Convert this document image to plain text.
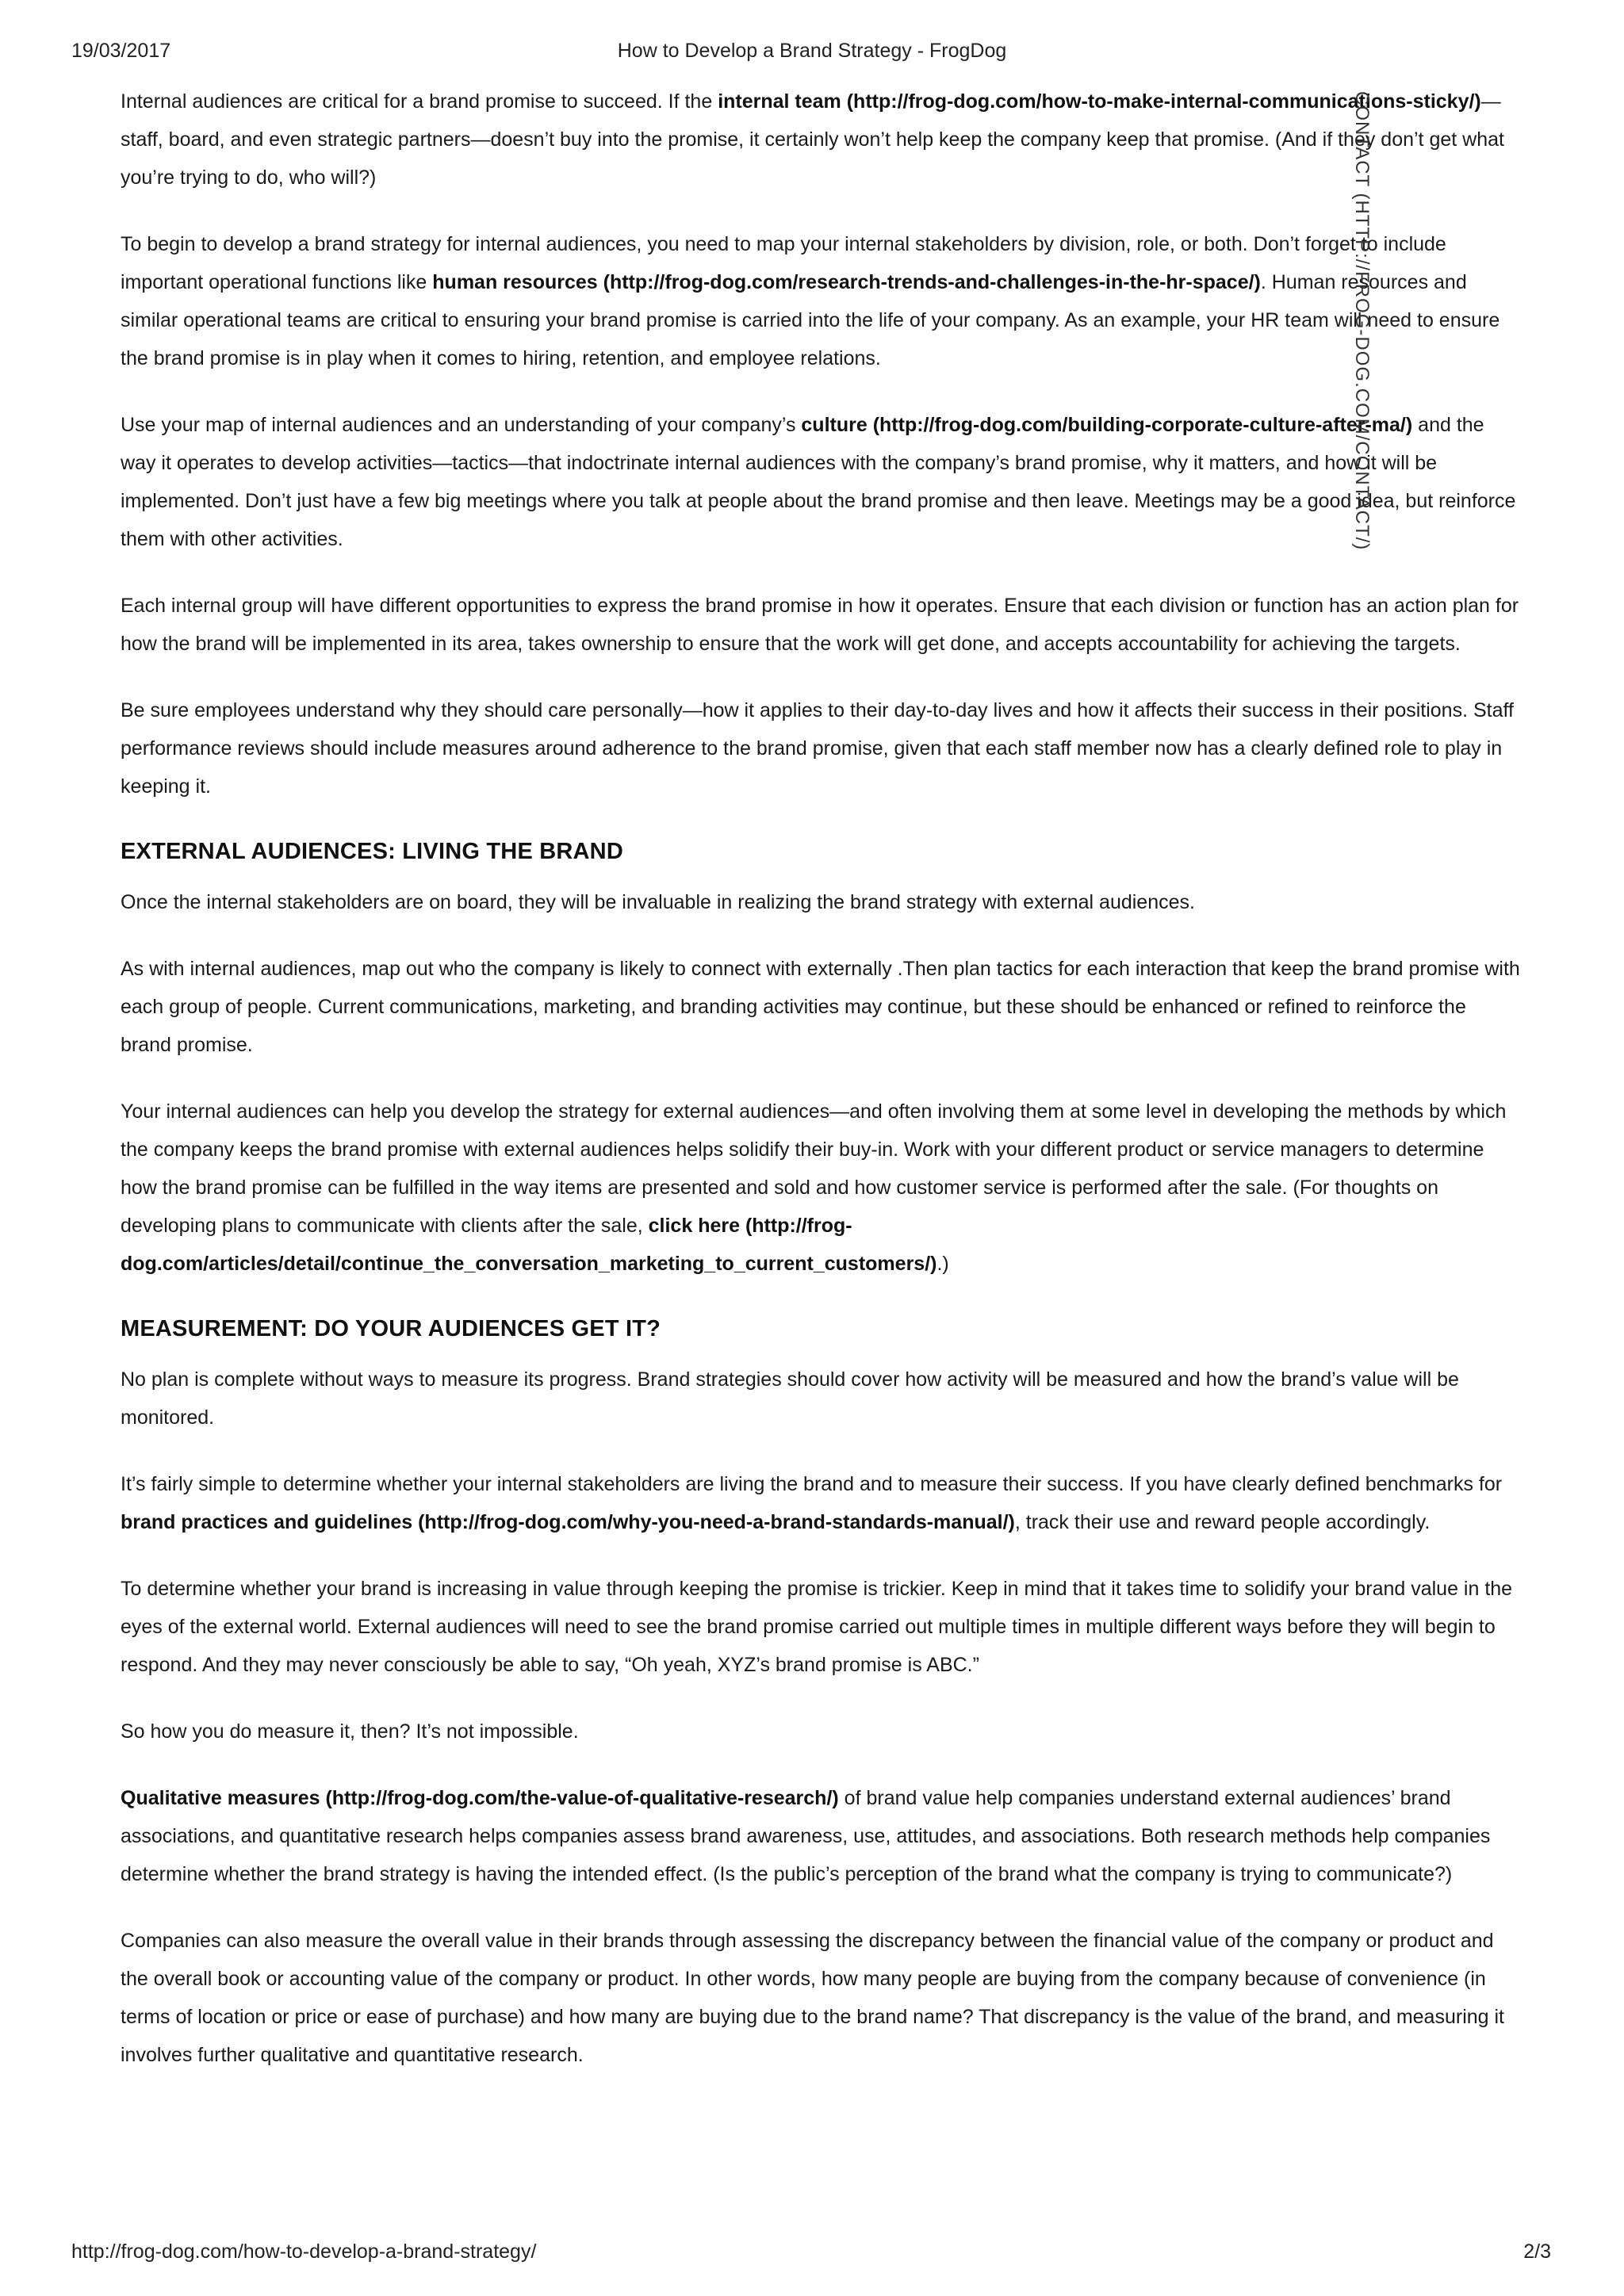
19/03/2017	How to Develop a Brand Strategy - FrogDog

Internal audiences are critical for a brand promise to succeed. If the internal team (http://frog-dog.com/how-to-make-internal-communications-sticky/)—staff, board, and even strategic partners—doesn’t buy into the promise, it certainly won’t help keep the company keep that promise. (And if they don’t get what you’re trying to do, who will?)

To begin to develop a brand strategy for internal audiences, you need to map your internal stakeholders by division, role, or both. Don’t forget to include important operational functions like human resources (http://frog-dog.com/research-trends-and-challenges-in-the-hr-space/). Human resources and similar operational teams are critical to ensuring your brand promise is carried into the life of your company. As an example, your HR team will need to ensure the brand promise is in play when it comes to hiring, retention, and employee relations.

Use your map of internal audiences and an understanding of your company’s culture (http://frog-dog.com/building-corporate-culture-after-ma/) and the way it operates to develop activities—tactics—that indoctrinate internal audiences with the company’s brand promise, why it matters, and how it will be implemented. Don’t just have a few big meetings where you talk at people about the brand promise and then leave. Meetings may be a good idea, but reinforce them with other activities.

Each internal group will have different opportunities to express the brand promise in how it operates. Ensure that each division or function has an action plan for how the brand will be implemented in its area, takes ownership to ensure that the work will get done, and accepts accountability for achieving the targets.

Be sure employees understand why they should care personally—how it applies to their day-to-day lives and how it affects their success in their positions. Staff performance reviews should include measures around adherence to the brand promise, given that each staff member now has a clearly defined role to play in keeping it.

EXTERNAL AUDIENCES: LIVING THE BRAND

Once the internal stakeholders are on board, they will be invaluable in realizing the brand strategy with external audiences.

As with internal audiences, map out who the company is likely to connect with externally .Then plan tactics for each interaction that keep the brand promise with each group of people. Current communications, marketing, and branding activities may continue, but these should be enhanced or refined to reinforce the brand promise.

Your internal audiences can help you develop the strategy for external audiences—and often involving them at some level in developing the methods by which the company keeps the brand promise with external audiences helps solidify their buy-in. Work with your different product or service managers to determine how the brand promise can be fulfilled in the way items are presented and sold and how customer service is performed after the sale. (For thoughts on developing plans to communicate with clients after the sale, click here (http://frog-dog.com/articles/detail/continue_the_conversation_marketing_to_current_customers/).)

MEASUREMENT: DO YOUR AUDIENCES GET IT?

No plan is complete without ways to measure its progress. Brand strategies should cover how activity will be measured and how the brand’s value will be monitored.

It’s fairly simple to determine whether your internal stakeholders are living the brand and to measure their success. If you have clearly defined benchmarks for brand practices and guidelines (http://frog-dog.com/why-you-need-a-brand-standards-manual/), track their use and reward people accordingly.

To determine whether your brand is increasing in value through keeping the promise is trickier. Keep in mind that it takes time to solidify your brand value in the eyes of the external world. External audiences will need to see the brand promise carried out multiple times in multiple different ways before they will begin to respond. And they may never consciously be able to say, “Oh yeah, XYZ’s brand promise is ABC.”

So how you do measure it, then? It’s not impossible.

Qualitative measures (http://frog-dog.com/the-value-of-qualitative-research/) of brand value help companies understand external audiences’ brand associations, and quantitative research helps companies assess brand awareness, use, attitudes, and associations. Both research methods help companies determine whether the brand strategy is having the intended effect. (Is the public’s perception of the brand what the company is trying to communicate?)

Companies can also measure the overall value in their brands through assessing the discrepancy between the financial value of the company or product and the overall book or accounting value of the company or product. In other words, how many people are buying from the company because of convenience (in terms of location or price or ease of purchase) and how many are buying due to the brand name? That discrepancy is the value of the brand, and measuring it involves further qualitative and quantitative research.

CONTACT (HTTP://FROG-DOG.COM/CONTACT/)
http://frog-dog.com/how-to-develop-a-brand-strategy/	2/3
